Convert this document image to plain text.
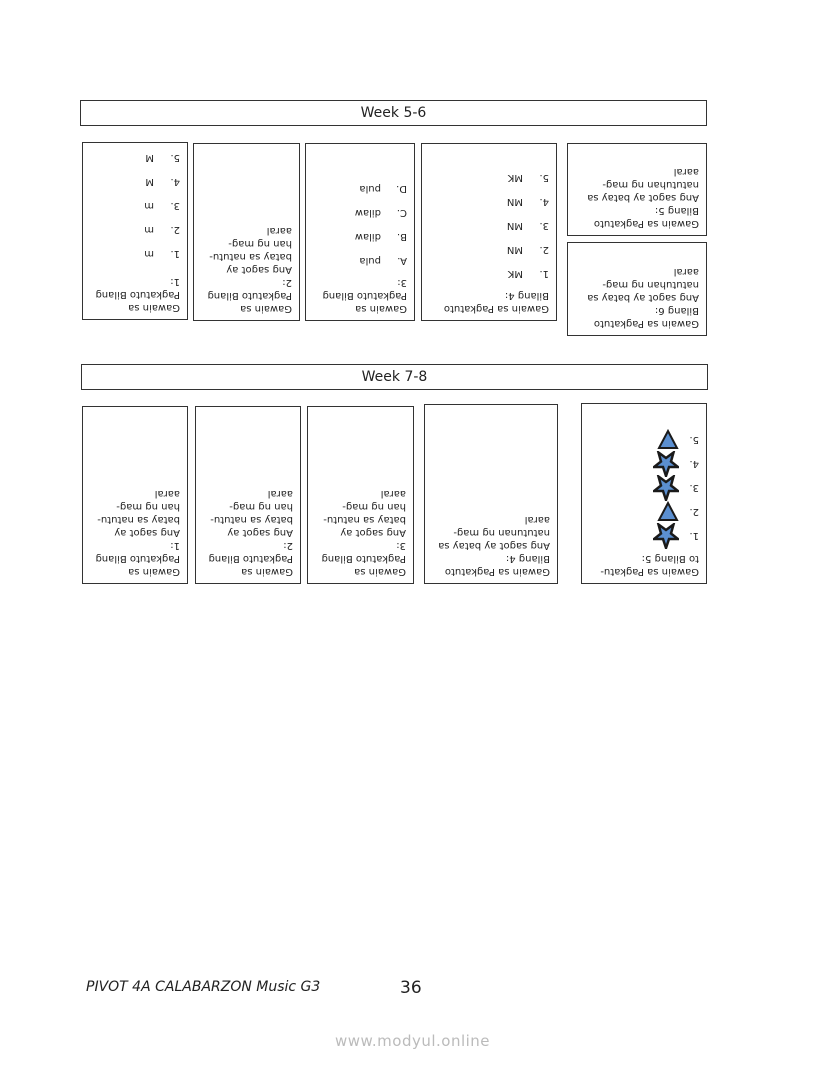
Week 5-6
Gawain sa
Pagkatuto Bilang
1:
1.m
2.m
3.m
4.M
5.M
Gawain sa
Pagkatuto Bilang
2:
Ang sagot ay
batay sa natutu-
han ng mag-
aaral
Gawain sa
Pagkatuto Bilang
3:
A.pula
B.dilaw
C.dilaw
D.pula
Gawain sa Pagkatuto
Bilang 4:
1.MK
2.MN
3.MN
4.MN
5.MK
Gawain sa Pagkatuto
Bilang 5:
Ang sagot ay batay sa
natutuhan ng mag-
aaral
Gawain sa Pagkatuto
Bilang 6:
Ang sagot ay batay sa
natutuhan ng mag-
aaral
Week 7-8
Gawain sa
Pagkatuto Bilang
1:
Ang sagot ay
batay sa natutu-
han ng mag-
aaral
Gawain sa
Pagkatuto Bilang
2:
Ang sagot ay
batay sa natutu-
han ng mag-
aaral
Gawain sa
Pagkatuto Bilang
3:
Ang sagot ay
batay sa natutu-
han ng mag-
aaral
Gawain sa Pagkatuto
Bilang 4:
Ang sagot ay batay sa
natutunan ng mag-
aaral
Gawain sa Pagkatu-
to Bilang 5:
1.
2.
3.
4.
5.
PIVOT 4A CALABARZON Music G3	36
www.modyul.online
